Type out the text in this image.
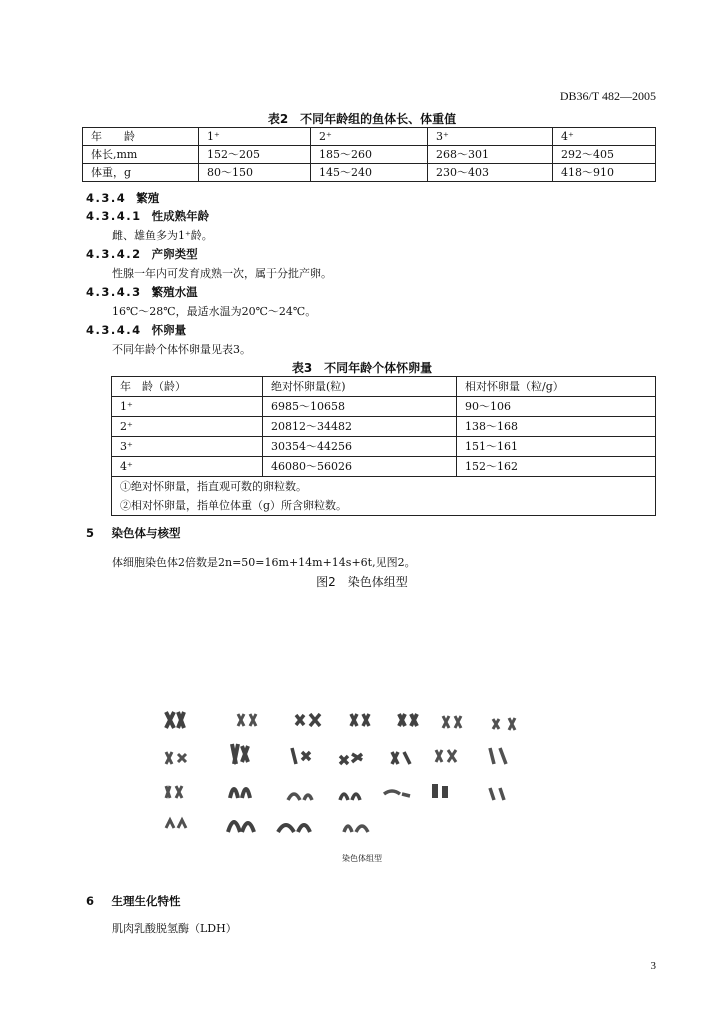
DB36/T 482—2005
表2　不同年龄组的鱼体长、体重值
年　　龄	1⁺	2⁺	3⁺	4⁺
体长,mm	152～205	185～260	268～301	292～405
体重，g	80～150	145～240	230～403	418～910
4.3.4 繁殖
4.3.4.1 性成熟年龄
雌、雄鱼多为1⁺龄。
4.3.4.2 产卵类型
性腺一年内可发育成熟一次，属于分批产卵。
4.3.4.3 繁殖水温
16℃～28℃，最适水温为20℃～24℃。
4.3.4.4 怀卵量
不同年龄个体怀卵量见表3。
表3　不同年龄个体怀卵量
年　龄（龄）	绝对怀卵量(粒)	相对怀卵量（粒/g）
1⁺	6985～10658	90～106
2⁺	20812～34482	138～168
3⁺	30354～44256	151～161
4⁺	46080～56026	152～162

①绝对怀卵量，指直观可数的卵粒数。
②相对怀卵量，指单位体重（g）所含卵粒数。		
5 染色体与核型
体细胞染色体2倍数是2n=50=16m+14m+14s+6t,见图2。
图2　染色体组型
染色体组型
6 生理生化特性
肌肉乳酸脱氢酶（LDH）
3
